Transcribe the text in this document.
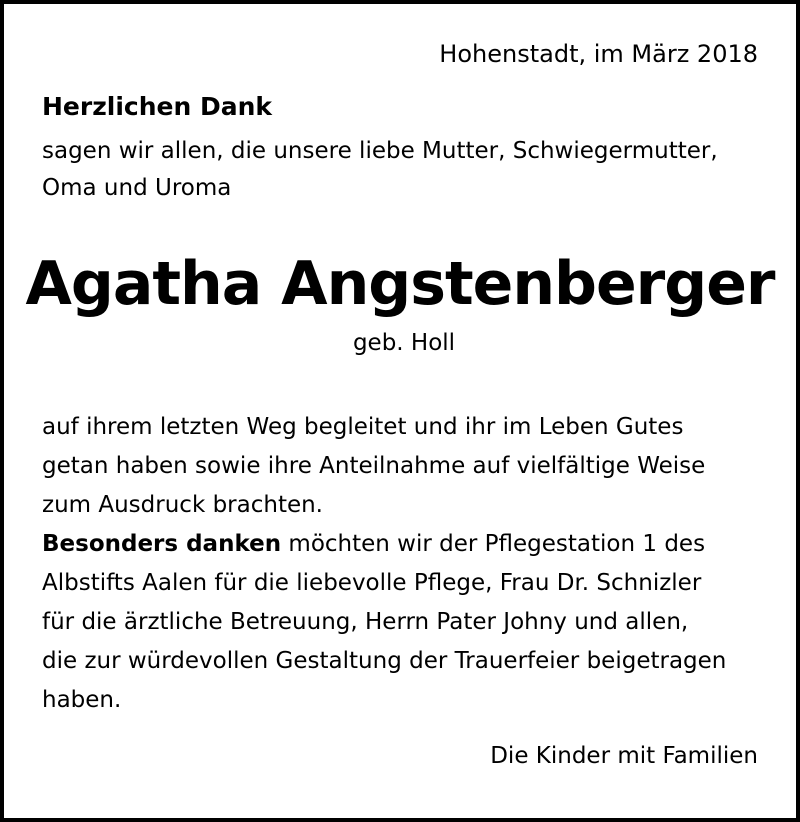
Hohenstadt, im März 2018

Herzlichen Dank

sagen wir allen, die unsere liebe Mutter, Schwiegermutter,

Oma und Uroma

Agatha Angstenberger

geb. Holl

auf ihrem letzten Weg begleitet und ihr im Leben Gutes

getan haben sowie ihre Anteilnahme auf vielfältige Weise

zum Ausdruck brachten.

Besonders danken möchten wir der Pflegestation 1 des

Albstifts Aalen für die liebevolle Pflege, Frau Dr. Schnizler

für die ärztliche Betreuung, Herrn Pater Johny und allen,

die zur würdevollen Gestaltung der Trauerfeier beigetragen

haben.

Die Kinder mit Familien
